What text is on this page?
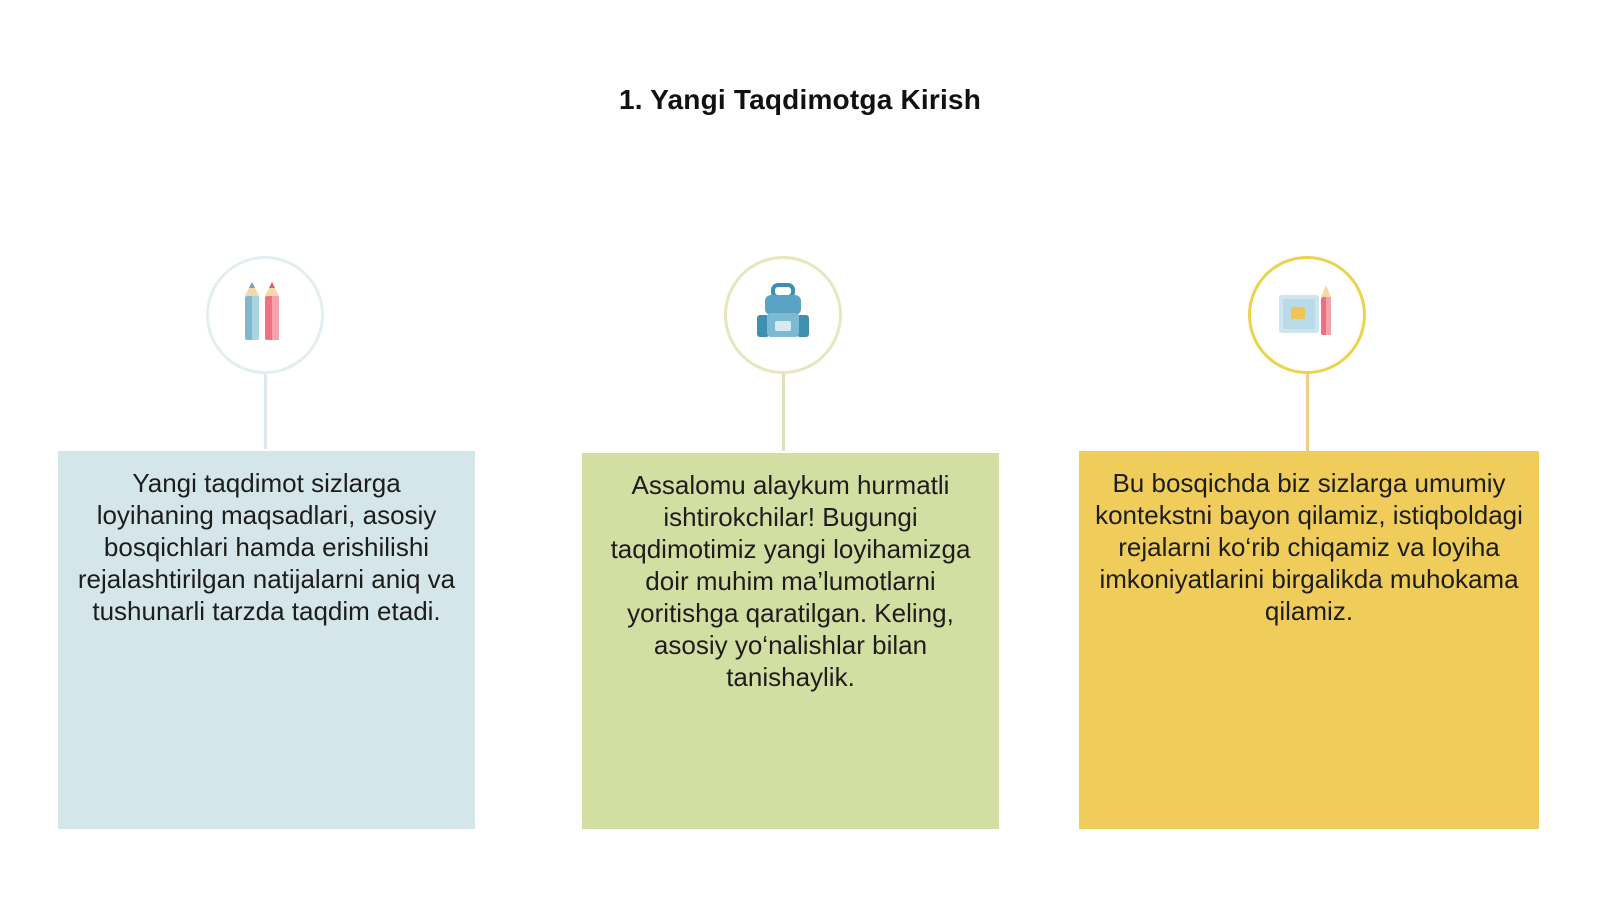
1. Yangi Taqdimotga Kirish
Yangi taqdimot sizlarga loyihaning maqsadlari, asosiy bosqichlari hamda erishilishi rejalashtirilgan natijalarni aniq va tushunarli tarzda taqdim etadi.
Assalomu alaykum hurmatli ishtirokchilar! Bugungi taqdimotimiz yangi loyihamizga doir muhim ma’lumotlarni yoritishga qaratilgan. Keling, asosiy yo‘nalishlar bilan tanishaylik.
Bu bosqichda biz sizlarga umumiy kontekstni bayon qilamiz, istiqboldagi rejalarni ko‘rib chiqamiz va loyiha imkoniyatlarini birgalikda muhokama qilamiz.
